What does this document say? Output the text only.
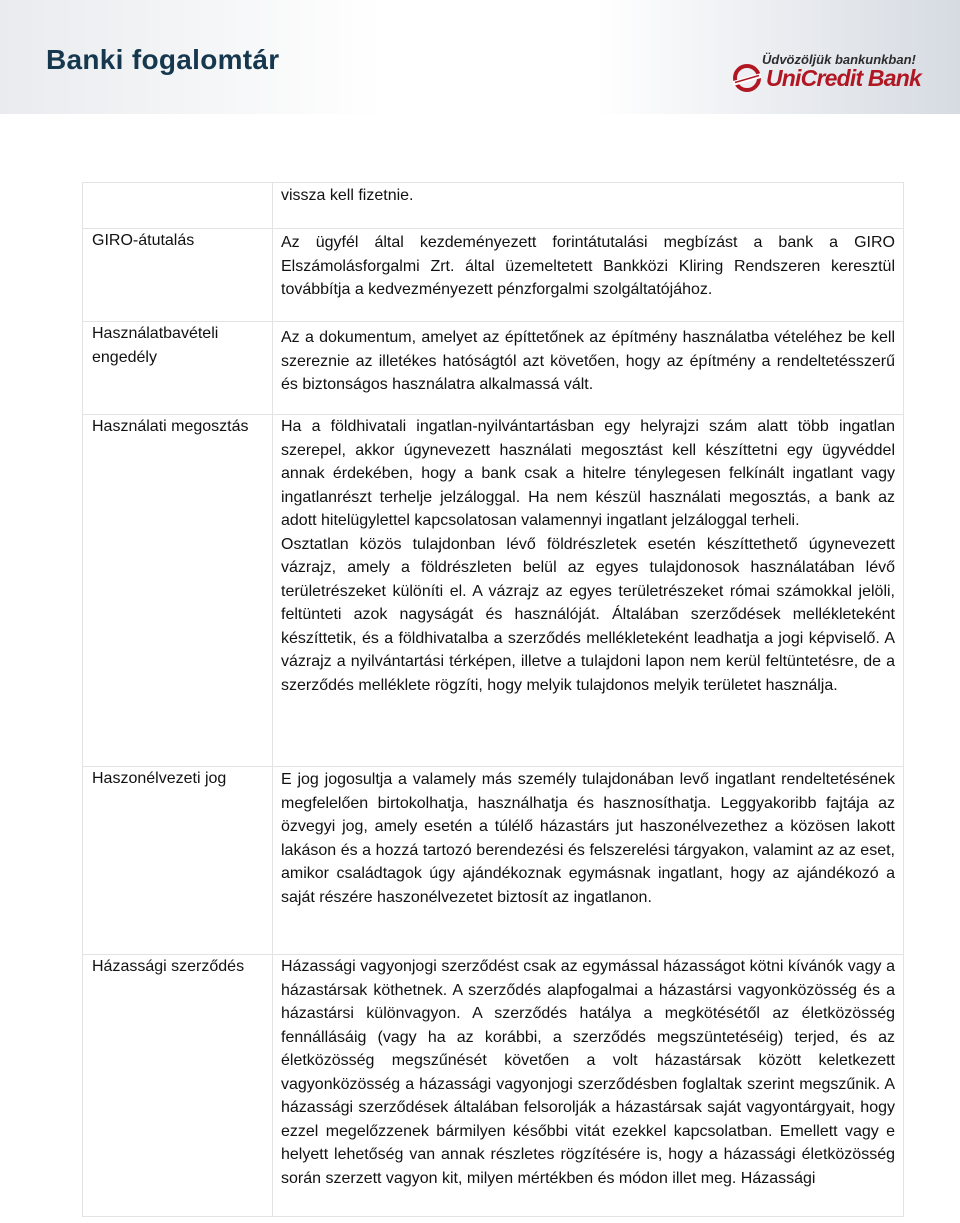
Banki fogalomtár	Üdvözöljük bankunkban!
UniCredit Bank

	vissza kell fizetnie.

GIRO-átutalás	Az ügyfél által kezdeményezett forintátutalási megbízást a bank a GIRO Elszámolásforgalmi Zrt. által üzemeltetett Bankközi Kliring Rendszeren keresztül továbbítja a kedvezményezett pénzforgalmi szolgáltatójához.

Használatbavételi engedély	Az a dokumentum, amelyet az építtetőnek az építmény használatba vételéhez be kell szereznie az illetékes hatóságtól azt követően, hogy az építmény a rendeltetésszerű és biztonságos használatra alkalmassá vált.

Használati megosztás	Ha a földhivatali ingatlan-nyilvántartásban egy helyrajzi szám alatt több ingatlan szerepel, akkor úgynevezett használati megosztást kell készíttetni egy ügyvéddel annak érdekében, hogy a bank csak a hitelre ténylegesen felkínált ingatlant vagy ingatlanrészt terhelje jelzáloggal. Ha nem készül használati megosztás, a bank az adott hitelügylettel kapcsolatosan valamennyi ingatlant jelzáloggal terheli.

Osztatlan közös tulajdonban lévő földrészletek esetén készíttethető úgynevezett vázrajz, amely a földrészleten belül az egyes tulajdonosok használatában lévő területrészeket különíti el. A vázrajz az egyes területrészeket római számokkal jelöli, feltünteti azok nagyságát és használóját. Általában szerződések mellékleteként készíttetik, és a földhivatalba a szerződés mellékleteként leadhatja a jogi képviselő. A vázrajz a nyilvántartási térképen, illetve a tulajdoni lapon nem kerül feltüntetésre, de a szerződés melléklete rögzíti, hogy melyik tulajdonos melyik területet használja.

Haszonélvezeti jog	E jog jogosultja a valamely más személy tulajdonában levő ingatlant rendeltetésének megfelelően birtokolhatja, használhatja és hasznosíthatja. Leggyakoribb fajtája az özvegyi jog, amely esetén a túlélő házastárs jut haszonélvezethez a közösen lakott lakáson és a hozzá tartozó berendezési és felszerelési tárgyakon, valamint az az eset, amikor családtagok úgy ajándékoznak egymásnak ingatlant, hogy az ajándékozó a saját részére haszonélvezetet biztosít az ingatlanon.

Házassági szerződés	Házassági vagyonjogi szerződést csak az egymással házasságot kötni kívánók vagy a házastársak köthetnek. A szerződés alapfogalmai a házastársi vagyonközösség és a házastársi különvagyon. A szerződés hatálya a megkötésétől az életközösség fennállásáig (vagy ha az korábbi, a szerződés megszüntetéséig) terjed, és az életközösség megszűnését követően a volt házastársak között keletkezett vagyonközösség a házassági vagyonjogi szerződésben foglaltak szerint megszűnik. A házassági szerződések általában felsorolják a házastársak saját vagyontárgyait, hogy ezzel megelőzzenek bármilyen későbbi vitát ezekkel kapcsolatban. Emellett vagy e helyett lehetőség van annak részletes rögzítésére is, hogy a házassági életközösség során szerzett vagyon kit, milyen mértékben és módon illet meg. Házassági
